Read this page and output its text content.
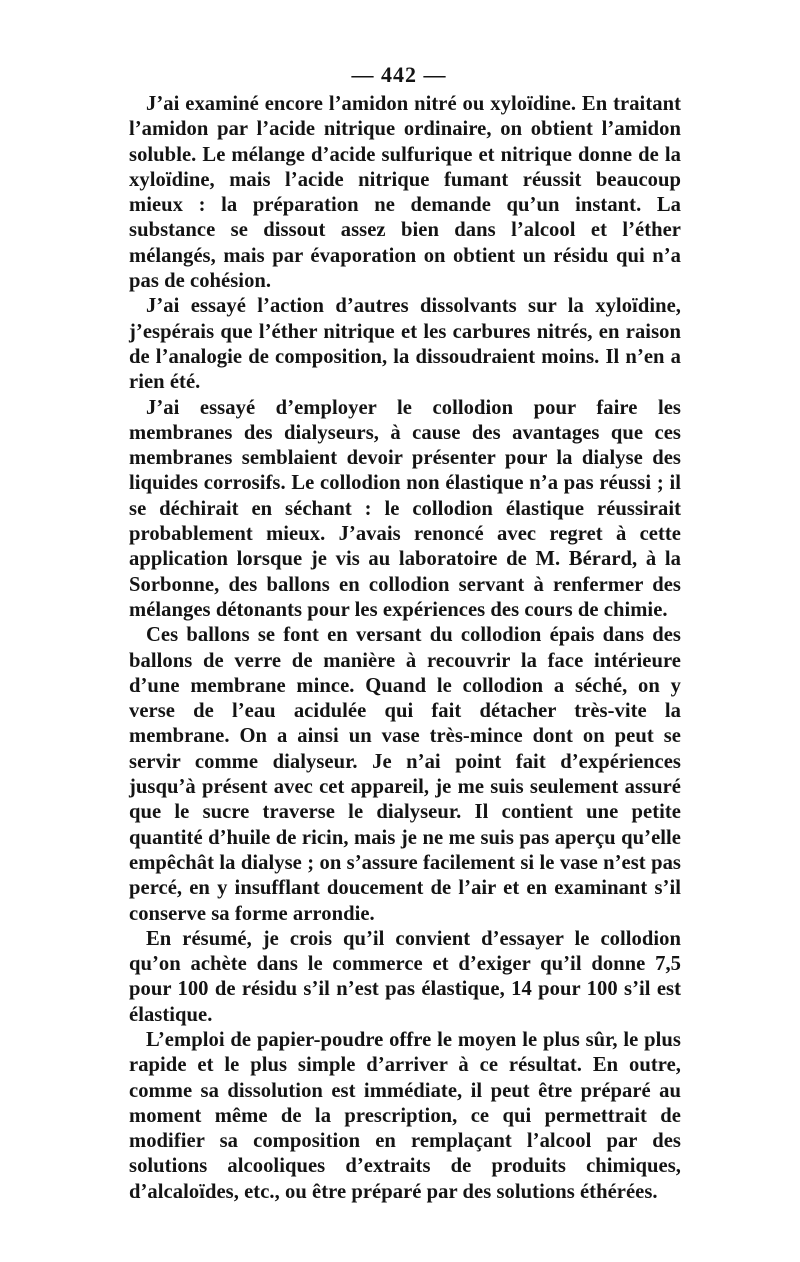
— 442 —

J’ai examiné encore l’amidon nitré ou xyloïdine. En traitant l’amidon par l’acide nitrique ordinaire, on obtient l’amidon soluble. Le mélange d’acide sulfurique et nitrique donne de la xyloïdine, mais l’acide nitrique fumant réussit beaucoup mieux : la préparation ne demande qu’un instant. La substance se dissout assez bien dans l’alcool et l’éther mélangés, mais par évaporation on obtient un résidu qui n’a pas de cohésion.

J’ai essayé l’action d’autres dissolvants sur la xyloïdine, j’espérais que l’éther nitrique et les carbures nitrés, en raison de l’analogie de composition, la dissoudraient moins. Il n’en a rien été.

J’ai essayé d’employer le collodion pour faire les membranes des dialyseurs, à cause des avantages que ces membranes semblaient devoir présenter pour la dialyse des liquides corrosifs. Le collodion non élastique n’a pas réussi ; il se déchirait en séchant : le collodion élastique réussirait probablement mieux. J’avais renoncé avec regret à cette application lorsque je vis au laboratoire de M. Bérard, à la Sorbonne, des ballons en collodion servant à renfermer des mélanges détonants pour les expériences des cours de chimie.

Ces ballons se font en versant du collodion épais dans des ballons de verre de manière à recouvrir la face intérieure d’une membrane mince. Quand le collodion a séché, on y verse de l’eau acidulée qui fait détacher très-vite la membrane. On a ainsi un vase très-mince dont on peut se servir comme dialyseur. Je n’ai point fait d’expériences jusqu’à présent avec cet appareil, je me suis seulement assuré que le sucre traverse le dialyseur. Il contient une petite quantité d’huile de ricin, mais je ne me suis pas aperçu qu’elle empêchât la dialyse ; on s’assure facilement si le vase n’est pas percé, en y insufflant doucement de l’air et en examinant s’il conserve sa forme arrondie.

En résumé, je crois qu’il convient d’essayer le collodion qu’on achète dans le commerce et d’exiger qu’il donne 7,5 pour 100 de résidu s’il n’est pas élastique, 14 pour 100 s’il est élastique.

L’emploi de papier-poudre offre le moyen le plus sûr, le plus rapide et le plus simple d’arriver à ce résultat. En outre, comme sa dissolution est immédiate, il peut être préparé au moment même de la prescription, ce qui permettrait de modifier sa composition en remplaçant l’alcool par des solutions alcooliques d’extraits de produits chimiques, d’alcaloïdes, etc., ou être préparé par des solutions éthérées.
